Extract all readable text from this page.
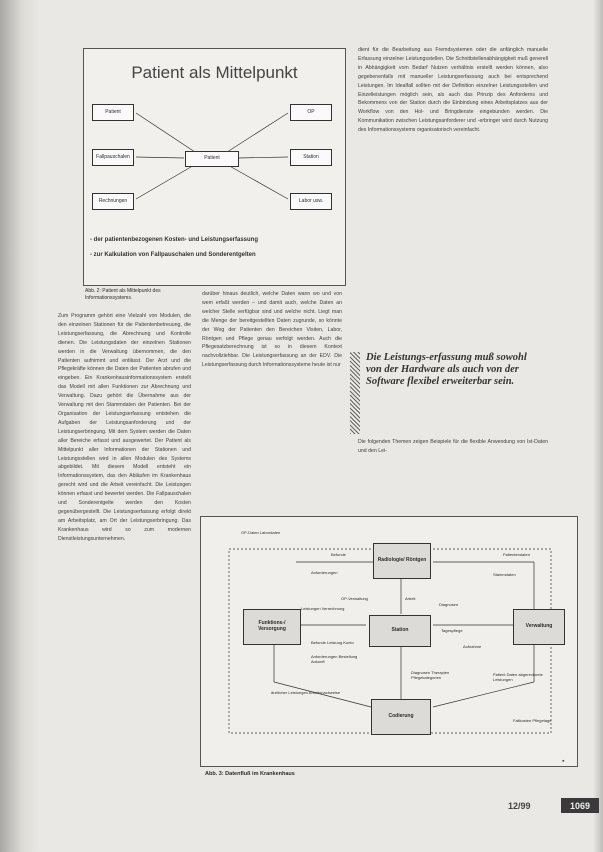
Patient als Mittelpunkt
Patient
Fallpauschalen
Rechnungen
Patient
OP
Station
Labor usw.
- der patientenbezogenen Kosten- und Leistungserfassung
- zur Kalkulation von Fallpauschalen und Sonderentgelten
Abb. 2: Patient als Mittelpunkt des Informationssystems.
dient für die Bearbeitung aus Fremdsystemen oder die anfänglich manuelle Erfassung einzelner Leistungsstellen. Die Schnittstellenabhängigkeit muß generell in Abhängigkeit vom Bedarf Nutzen verhältnis erstellt werden können, also gegebenenfalls mit manueller Leistungserfassung auch bei entsprechend Leistungen. Im Idealfall sollten mit der Definition einzelner Leistungsstellen und Einzelleistungen möglich sein, als auch das Prinzip des Anforderns und Bekommens von der Station durch die Einbindung eines Arbeitsplatzes aus der Workflow von den Hol- und Bringdienste eingebunden werden. Die Kommunikation zwischen Leistungsanforderer und -erbringer wird durch Nutzung des Informationssystems organisatorisch vereinfacht.
Die Leistungs-erfassung muß sowohl von der Hardware als auch von der Software flexibel erweiterbar sein.
Die folgenden Themen zeigen Beispiele für die flexible Anwendung von Ist-Daten und den Lei-
Zum Programm gehört eine Vielzahl von Modulen, die den einzelnen Stationen für die Patientenbetreuung, die Leistungserfassung, die Abrechnung und Kontrolle dienen. Die Leistungsdaten der einzelnen Stationen werden in die Verwaltung übernommen, die den Patienten aufnimmt und entlässt. Der Arzt und die Pflegekräfte können die Daten der Patienten abrufen und eingeben. Ein Krankenhausinformationssystem erstellt das Modell mit allen Funktionen zur Abrechnung und Verwaltung. Dazu gehört die Übernahme aus der Verwaltung mit den Stammdaten der Patienten. Bei der Organisation der Leistungserfassung entstehen die Aufgaben der Leistungsanforderung und der Leistungserbringung. Mit dem System werden die Daten aller Bereiche erfasst und ausgewertet. Der Patient als Mittelpunkt aller Informationen der Stationen und Leistungsstellen wird in allen Modulen des Systems abgebildet. Mit diesem Modell entsteht ein Informationssystem, das den Abläufen im Krankenhaus gerecht wird und die Arbeit vereinfacht. Die Leistungen können erfasst und bewertet werden. Die Fallpauschalen und Sonderentgelte werden den Kosten gegenübergestellt. Die Leistungserfassung erfolgt direkt am Arbeitsplatz, am Ort der Leistungserbringung. Das Krankenhaus wird so zum modernen Dienstleistungsunternehmen.
darüber hinaus deutlich, welche Daten wann wo und von wem erfaßt werden – und damit auch, welche Daten an welcher Stelle verfügbar sind und welche nicht. Liegt man die Menge der bereitgestellten Daten zugrunde, so könnte der Weg der Patienten den Bereichen Visiten, Labor, Röntgen und Pflege genau verfolgt werden. Auch die Pflegesatzberechnung ist so in diesem Kontext nachvollziehbar. Die Leistungserfassung an der EDV. Die Leistungserfassung durch Informationssysteme heute ist nur
Radiologie/ Röntgen
Funktions-/ Versorgung	Station
Verwaltung
Codierung
OP-Daten Labordaten
Befunde
Anforderungen
OP-Verwaltung	Arbeit
Leistungen Verrechnung
Patientendaten
Stammdaten
Diagnosen
Befunde Leistung Konto
Anforderungen Bestellung Ankunft
Tagespflege
Aufnahme
Diagnosen Therapien Pflegekategorien
Patient Daten abgerechnete Leistungen
Fallkosten Pflegetage
ärztlicher Leistungen Arbeitsnachweise
Abb. 3: Datenfluß im Krankenhaus
▪
12/99	1069
